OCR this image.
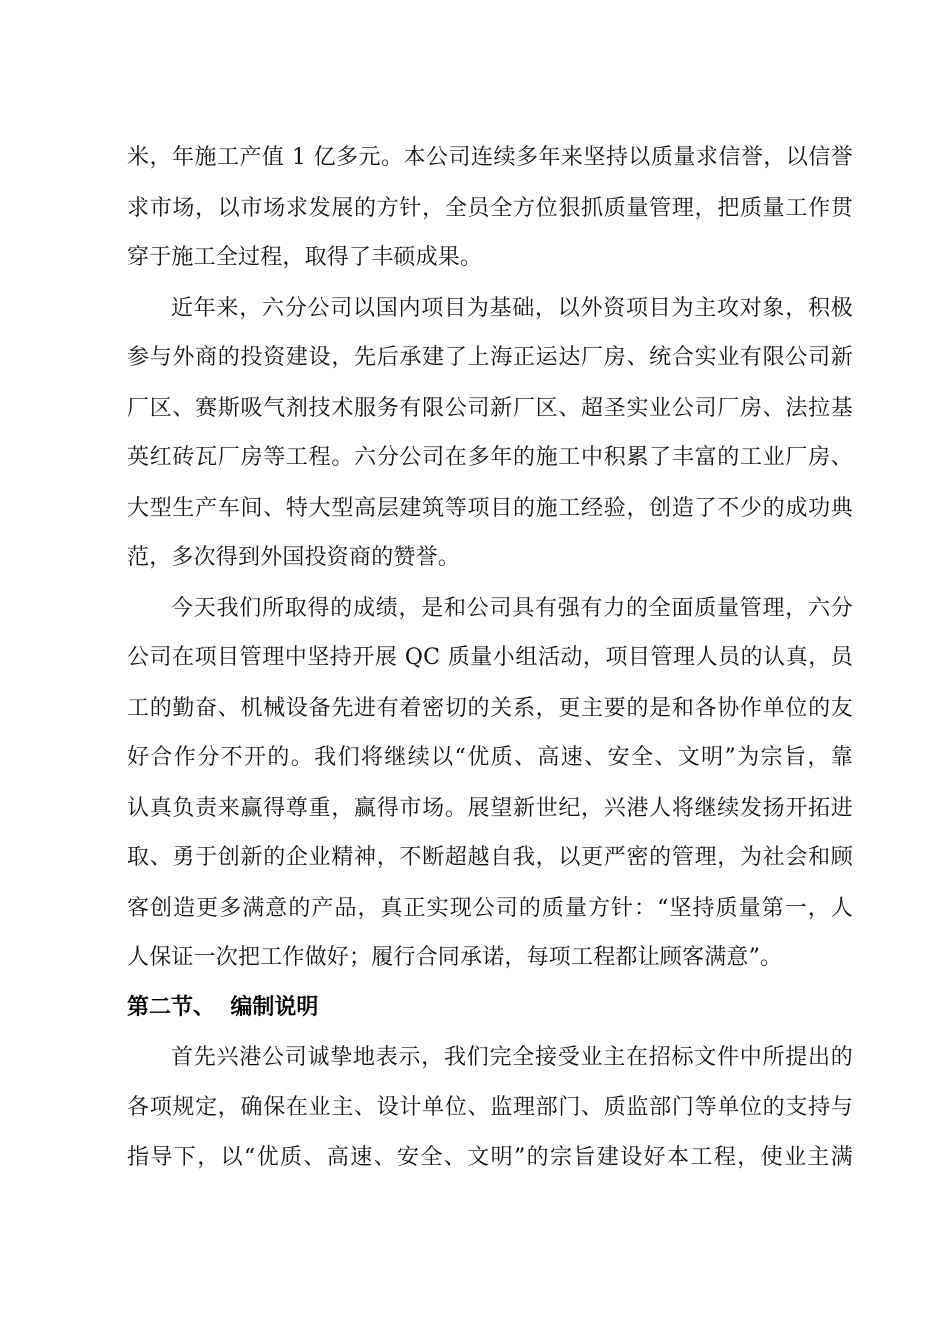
米，年施工产值 1 亿多元。本公司连续多年来坚持以质量求信誉，以信誉
求市场，以市场求发展的方针，全员全方位狠抓质量管理，把质量工作贯
穿于施工全过程，取得了丰硕成果。
近年来，六分公司以国内项目为基础，以外资项目为主攻对象，积极
参与外商的投资建设，先后承建了上海正运达厂房、统合实业有限公司新
厂区、赛斯吸气剂技术服务有限公司新厂区、超圣实业公司厂房、法拉基
英红砖瓦厂房等工程。六分公司在多年的施工中积累了丰富的工业厂房、
大型生产车间、特大型高层建筑等项目的施工经验，创造了不少的成功典
范，多次得到外国投资商的赞誉。
今天我们所取得的成绩，是和公司具有强有力的全面质量管理，六分
公司在项目管理中坚持开展 QC 质量小组活动，项目管理人员的认真，员
工的勤奋、机械设备先进有着密切的关系，更主要的是和各协作单位的友
好合作分不开的。我们将继续以“优质、高速、安全、文明”为宗旨，靠
认真负责来赢得尊重，赢得市场。展望新世纪，兴港人将继续发扬开拓进
取、勇于创新的企业精神，不断超越自我，以更严密的管理，为社会和顾
客创造更多满意的产品，真正实现公司的质量方针：“坚持质量第一，人
人保证一次把工作做好；履行合同承诺，每项工程都让顾客满意”。
第二节、  编制说明
首先兴港公司诚挚地表示，我们完全接受业主在招标文件中所提出的
各项规定，确保在业主、设计单位、监理部门、质监部门等单位的支持与
指导下，以“优质、高速、安全、文明”的宗旨建设好本工程，使业主满
